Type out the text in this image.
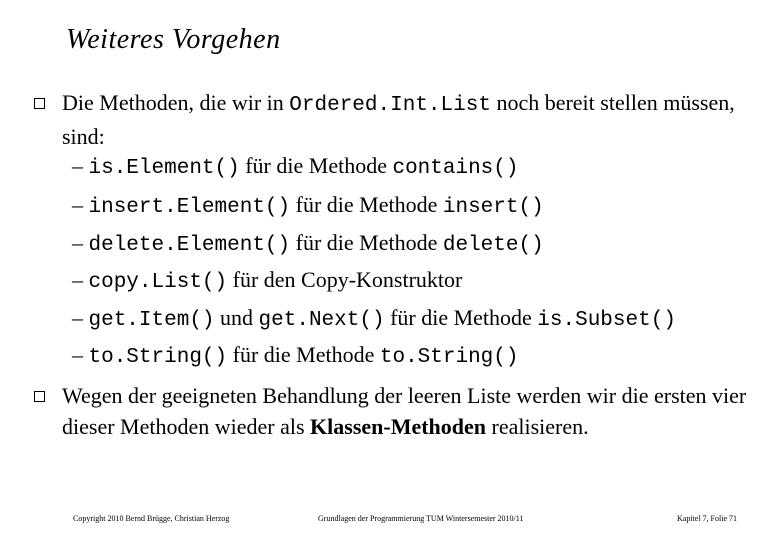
Weiteres Vorgehen
Die Methoden, die wir in Ordered.Int.List noch bereit stellen müssen, sind:
– is.Element() für die Methode contains()
– insert.Element() für die Methode insert()
– delete.Element() für die Methode delete()
– copy.List() für den Copy-Konstruktor
– get.Item() und get.Next() für die Methode is.Subset()
– to.String() für die Methode to.String()
Wegen der geeigneten Behandlung der leeren Liste werden wir die ersten vier dieser Methoden wieder als Klassen-Methoden realisieren.
Copyright 2010 Bernd Brügge, Christian Herzog	Grundlagen der Programmierung TUM Wintersemester 2010/11	Kapitel 7, Folie 71
